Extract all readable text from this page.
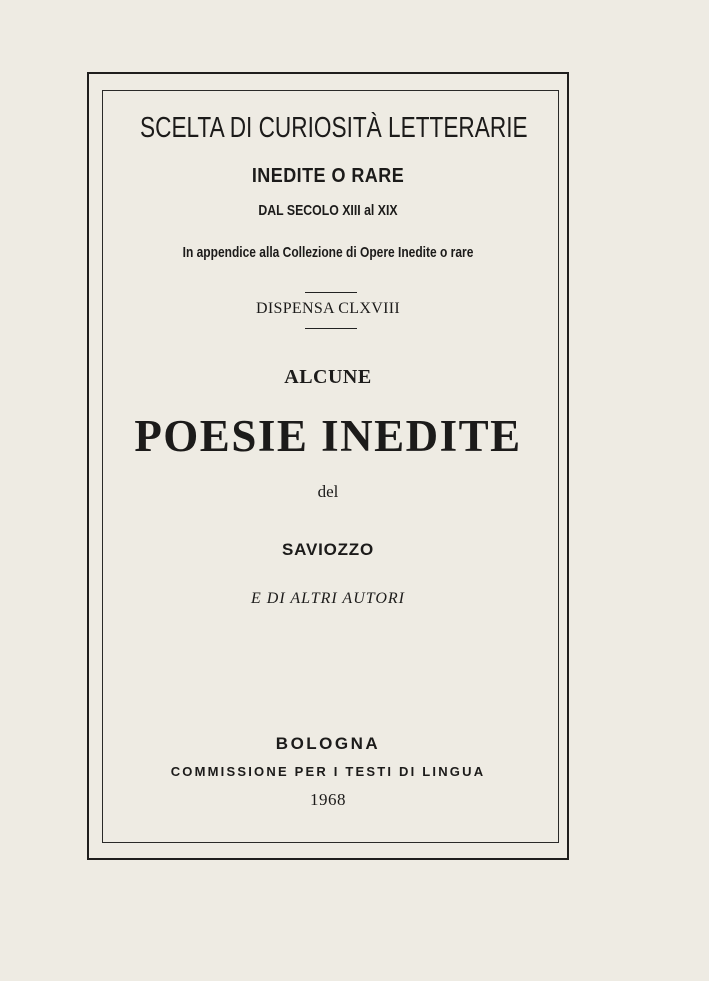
SCELTA DI CURIOSITÀ LETTERARIE
INEDITE O RARE
DAL SECOLO XIII al XIX
In appendice alla Collezione di Opere Inedite o rare
DISPENSA CLXVIII
ALCUNE
POESIE INEDITE
del
SAVIOZZO
E DI ALTRI AUTORI
BOLOGNA
COMMISSIONE PER I TESTI DI LINGUA
1968
